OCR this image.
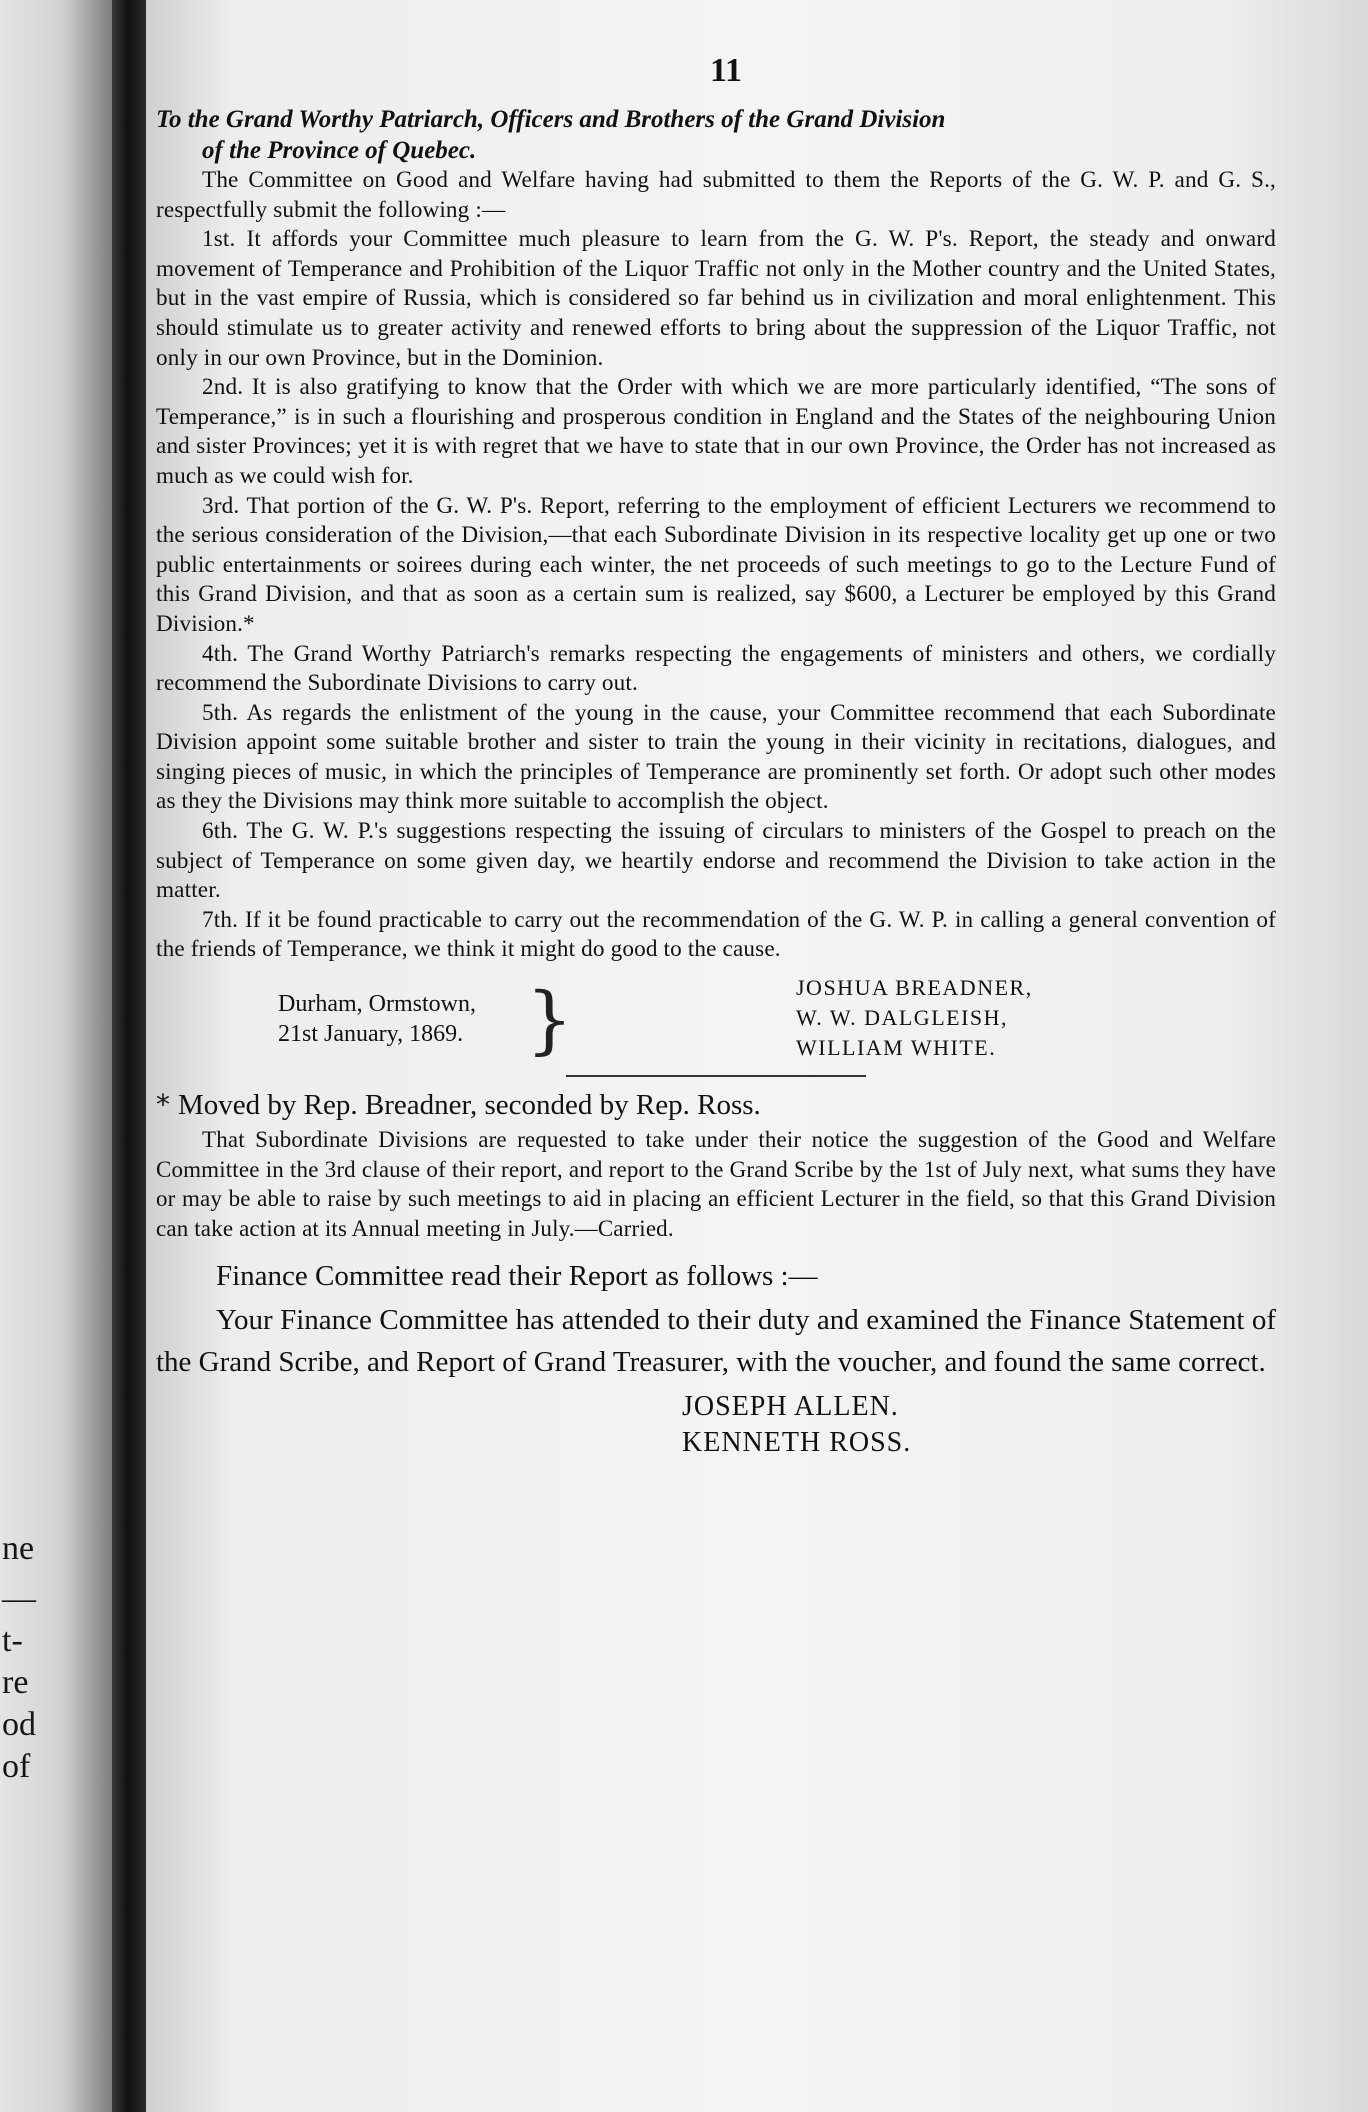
ne
—
t-
re
od
of
11

To the Grand Worthy Patriarch, Officers and Brothers of the Grand Division
of the Province of Quebec.

The Committee on Good and Welfare having had submitted to them the Reports of the G. W. P. and G. S., respectfully submit the following :—

1st. It affords your Committee much pleasure to learn from the G. W. P's. Report, the steady and onward movement of Temperance and Prohibition of the Liquor Traffic not only in the Mother country and the United States, but in the vast empire of Russia, which is considered so far behind us in civilization and moral enlightenment. This should stimulate us to greater activity and renewed efforts to bring about the suppression of the Liquor Traffic, not only in our own Province, but in the Dominion.

2nd. It is also gratifying to know that the Order with which we are more particularly identified, “The sons of Temperance,” is in such a flourishing and prosperous condition in England and the States of the neighbouring Union and sister Provinces; yet it is with regret that we have to state that in our own Province, the Order has not increased as much as we could wish for.

3rd. That portion of the G. W. P's. Report, referring to the employment of efficient Lecturers we recommend to the serious consideration of the Division,—that each Subordinate Division in its respective locality get up one or two public entertainments or soirees during each winter, the net proceeds of such meetings to go to the Lecture Fund of this Grand Division, and that as soon as a certain sum is realized, say $600, a Lecturer be employed by this Grand Division.*

4th. The Grand Worthy Patriarch's remarks respecting the engagements of ministers and others, we cordially recommend the Subordinate Divisions to carry out.

5th. As regards the enlistment of the young in the cause, your Committee recommend that each Subordinate Division appoint some suitable brother and sister to train the young in their vicinity in recitations, dialogues, and singing pieces of music, in which the principles of Temperance are prominently set forth. Or adopt such other modes as they the Divisions may think more suitable to accomplish the object.

6th. The G. W. P.'s suggestions respecting the issuing of circulars to ministers of the Gospel to preach on the subject of Temperance on some given day, we heartily endorse and recommend the Division to take action in the matter.

7th. If it be found practicable to carry out the recommendation of the G. W. P. in calling a general convention of the friends of Temperance, we think it might do good to the cause.

Durham, Ormstown,
21st January, 1869. }	JOSHUA BREADNER,
W. W. DALGLEISH,
WILLIAM WHITE.

* Moved by Rep. Breadner, seconded by Rep. Ross.

That Subordinate Divisions are requested to take under their notice the suggestion of the Good and Welfare Committee in the 3rd clause of their report, and report to the Grand Scribe by the 1st of July next, what sums they have or may be able to raise by such meetings to aid in placing an efficient Lecturer in the field, so that this Grand Division can take action at its Annual meeting in July.—Carried.

Finance Committee read their Report as follows :—

Your Finance Committee has attended to their duty and examined the Finance Statement of the Grand Scribe, and Report of Grand Treasurer, with the voucher, and found the same correct.

JOSEPH ALLEN.
KENNETH ROSS.
